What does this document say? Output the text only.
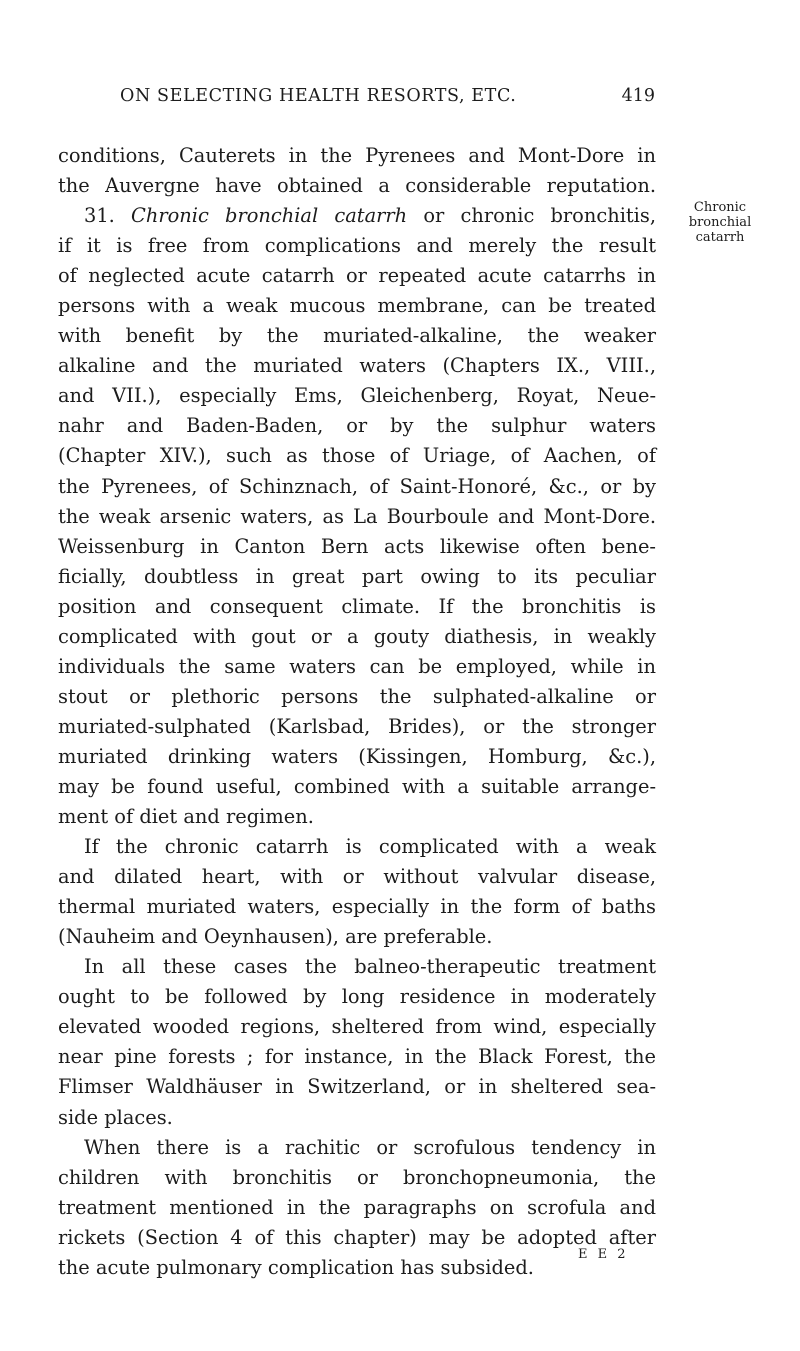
ON SELECTING HEALTH RESORTS, ETC.	419

conditions, Cauterets in the Pyrenees and Mont-Dore in

the Auvergne have obtained a considerable reputation.

31. Chronic bronchial catarrh or chronic bronchitis,

if it is free from complications and merely the result

of neglected acute catarrh or repeated acute catarrhs in

persons with a weak mucous membrane, can be treated

with benefit by the muriated-alkaline, the weaker

alkaline and the muriated waters (Chapters IX., VIII.,

and VII.), especially Ems, Gleichenberg, Royat, Neue-

nahr and Baden-Baden, or by the sulphur waters

(Chapter XIV.), such as those of Uriage, of Aachen, of

the Pyrenees, of Schinznach, of Saint-Honoré, &c., or by

the weak arsenic waters, as La Bourboule and Mont-Dore.

Weissenburg in Canton Bern acts likewise often bene-

ficially, doubtless in great part owing to its peculiar

position and consequent climate. If the bronchitis is

complicated with gout or a gouty diathesis, in weakly

individuals the same waters can be employed, while in

stout or plethoric persons the sulphated-alkaline or

muriated-sulphated (Karlsbad, Brides), or the stronger

muriated drinking waters (Kissingen, Homburg, &c.),

may be found useful, combined with a suitable arrange-

ment of diet and regimen.

If the chronic catarrh is complicated with a weak

and dilated heart, with or without valvular disease,

thermal muriated waters, especially in the form of baths

(Nauheim and Oeynhausen), are preferable.

In all these cases the balneo-therapeutic treatment

ought to be followed by long residence in moderately

elevated wooded regions, sheltered from wind, especially

near pine forests ; for instance, in the Black Forest, the

Flimser Waldhäuser in Switzerland, or in sheltered sea-

side places.

When there is a rachitic or scrofulous tendency in

children with bronchitis or bronchopneumonia, the

treatment mentioned in the paragraphs on scrofula and

rickets (Section 4 of this chapter) may be adopted after

the acute pulmonary complication has subsided.

Chronic
bronchial
catarrh
E E 2
